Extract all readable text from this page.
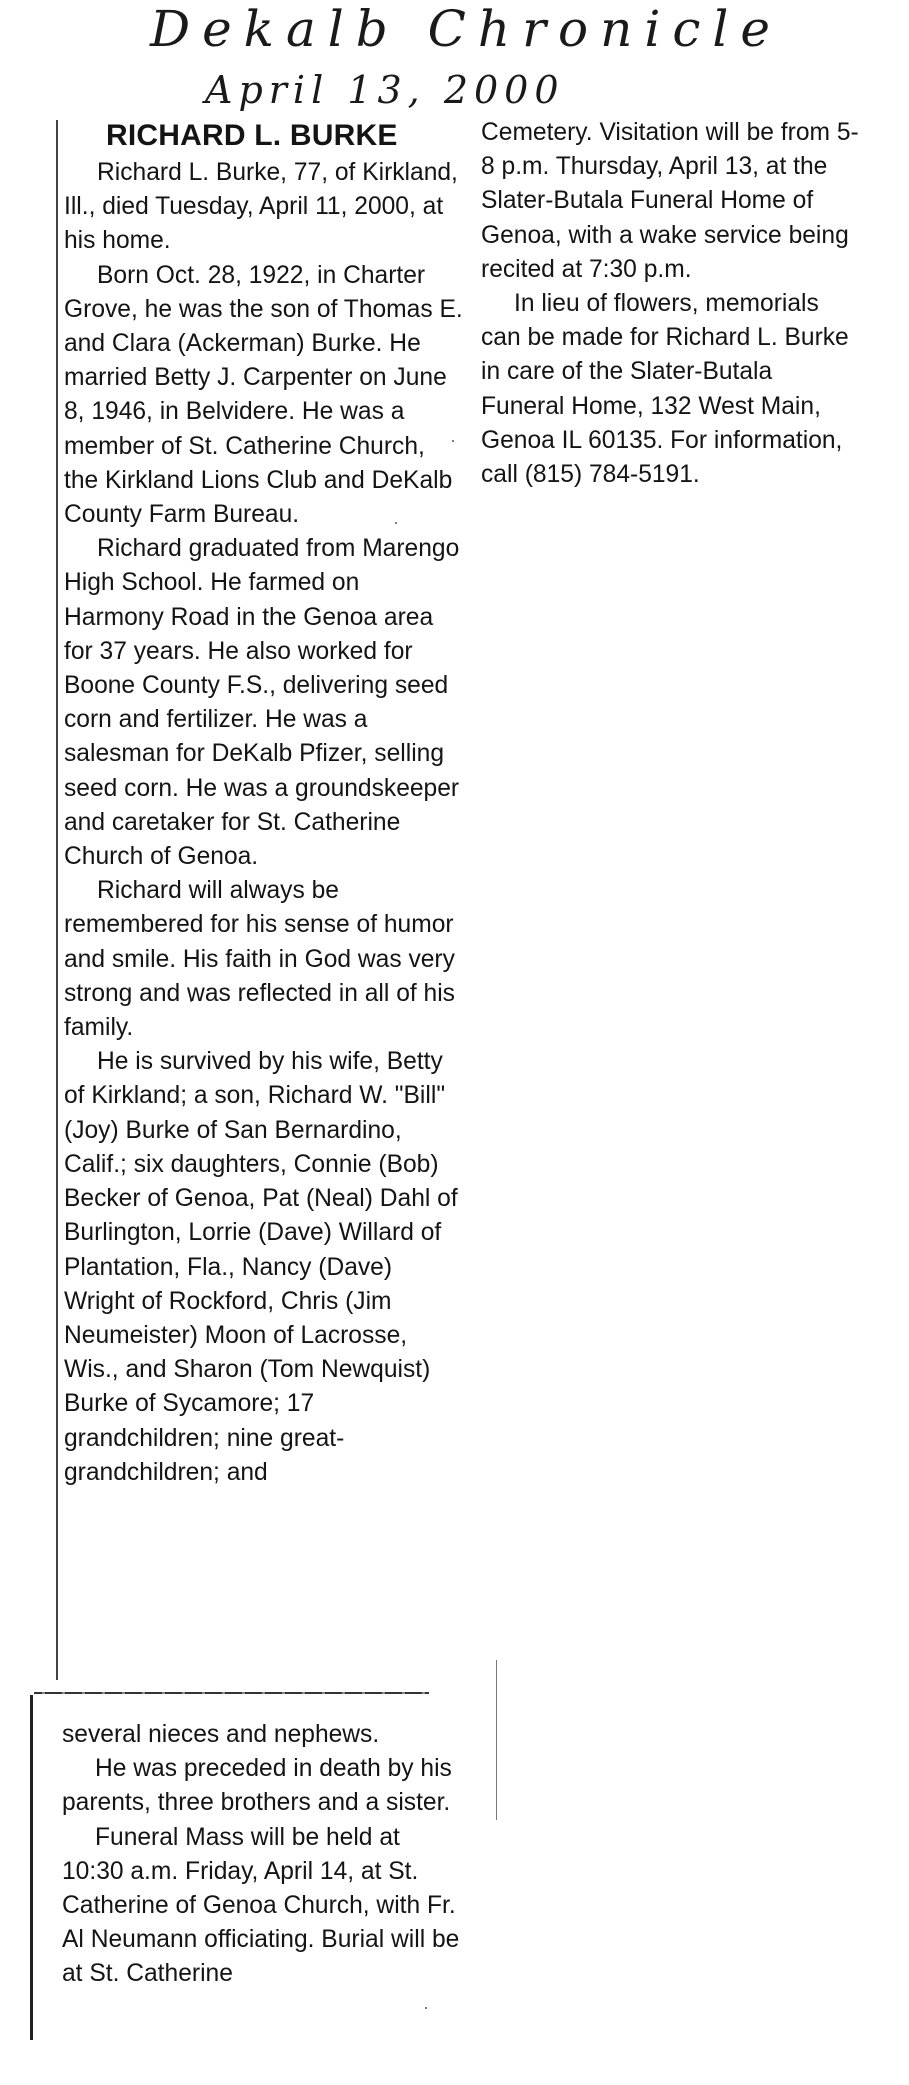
Dekalb Chronicle
April 13, 2000
RICHARD L. BURKE

Richard L. Burke, 77, of Kirkland, Ill., died Tuesday, April 11, 2000, at his home.

Born Oct. 28, 1922, in Charter Grove, he was the son of Thomas E. and Clara (Ackerman) Burke. He married Betty J. Carpenter on June 8, 1946, in Belvidere. He was a member of St. Catherine Church, the Kirkland Lions Club and DeKalb County Farm Bureau.

Richard graduated from Marengo High School. He farmed on Harmony Road in the Genoa area for 37 years. He also worked for Boone County F.S., delivering seed corn and fertilizer. He was a salesman for DeKalb Pfizer, selling seed corn. He was a groundskeeper and caretaker for St. Catherine Church of Genoa.

Richard will always be remembered for his sense of humor and smile. His faith in God was very strong and was reflected in all of his family.

He is survived by his wife, Betty of Kirkland; a son, Richard W. "Bill" (Joy) Burke of San Bernardino, Calif.; six daughters, Connie (Bob) Becker of Genoa, Pat (Neal) Dahl of Burlington, Lorrie (Dave) Willard of Plantation, Fla., Nancy (Dave) Wright of Rockford, Chris (Jim Neumeister) Moon of Lacrosse, Wis., and Sharon (Tom Newquist) Burke of Sycamore; 17 grandchildren; nine great-grandchildren; and

several nieces and nephews.

He was preceded in death by his parents, three brothers and a sister.

Funeral Mass will be held at 10:30 a.m. Friday, April 14, at St. Catherine of Genoa Church, with Fr. Al Neumann officiating. Burial will be at St. Catherine

Cemetery. Visitation will be from 5-8 p.m. Thursday, April 13, at the Slater-Butala Funeral Home of Genoa, with a wake service being recited at 7:30 p.m.

In lieu of flowers, memorials can be made for Richard L. Burke in care of the Slater-Butala Funeral Home, 132 West Main, Genoa IL 60135. For information, call (815) 784-5191.
